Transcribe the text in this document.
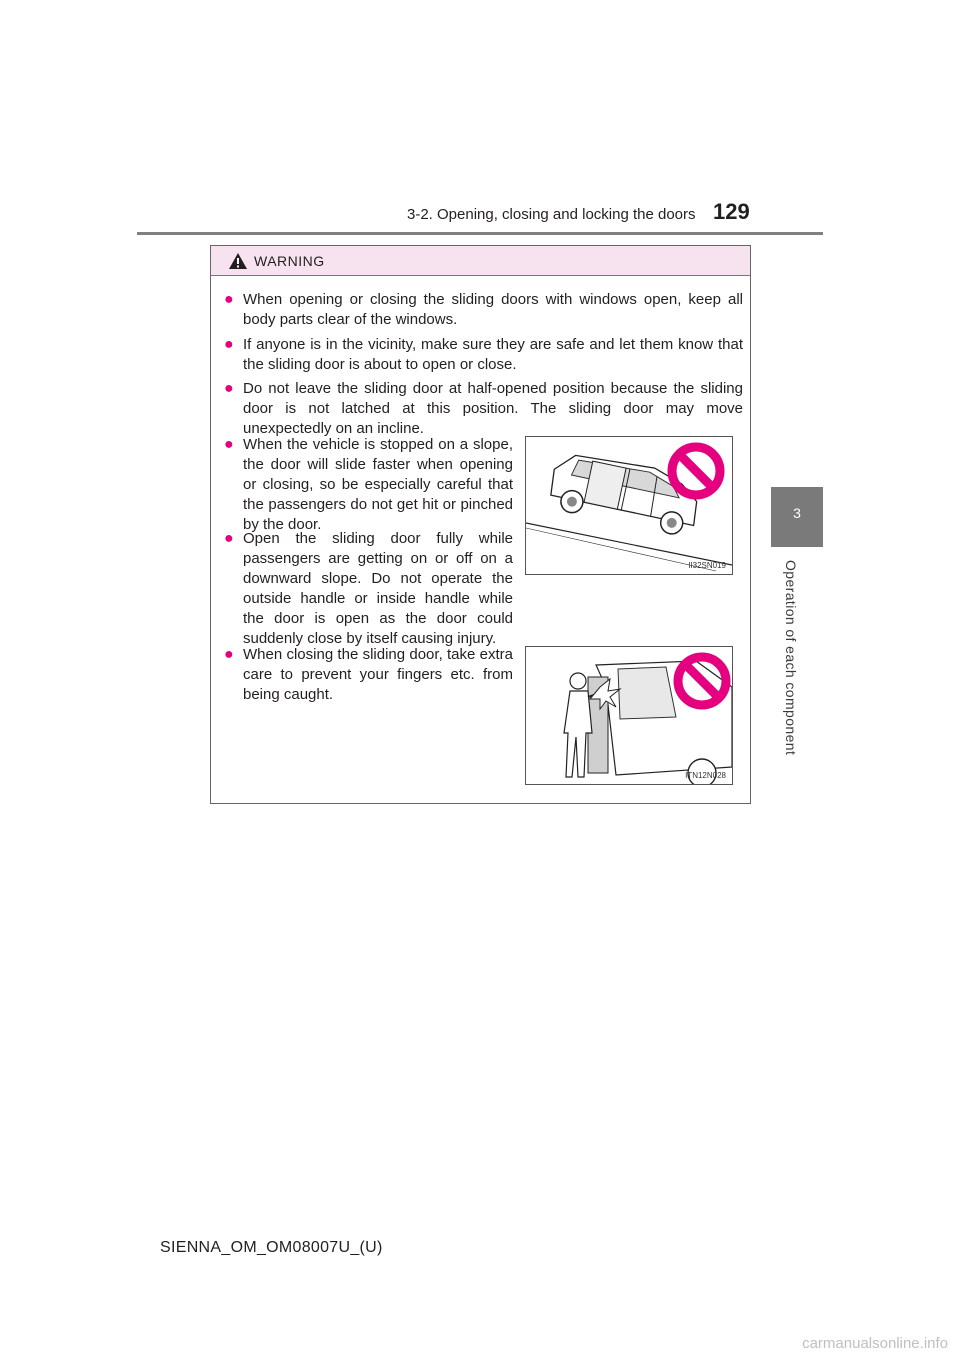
3-2. Opening, closing and locking the doors 129
3
Operation of each component
WARNING
● When opening or closing the sliding doors with windows open, keep all body parts clear of the windows.
● If anyone is in the vicinity, make sure they are safe and let them know that the sliding door is about to open or close.
● Do not leave the sliding door at half-opened position because the sliding door is not latched at this position. The sliding door may move unexpectedly on an incline.
● When the vehicle is stopped on a slope, the door will slide faster when opening or closing, so be especially careful that the passengers do not get hit or pinched by the door.
● Open the sliding door fully while passengers are getting on or off on a downward slope. Do not operate the outside handle or inside handle while the door is open as the door could suddenly close by itself causing injury.
● When closing the sliding door, take extra care to prevent your fingers etc. from being caught.
II32SN019
ITN12N028
SIENNA_OM_OM08007U_(U)
carmanualsonline.info
